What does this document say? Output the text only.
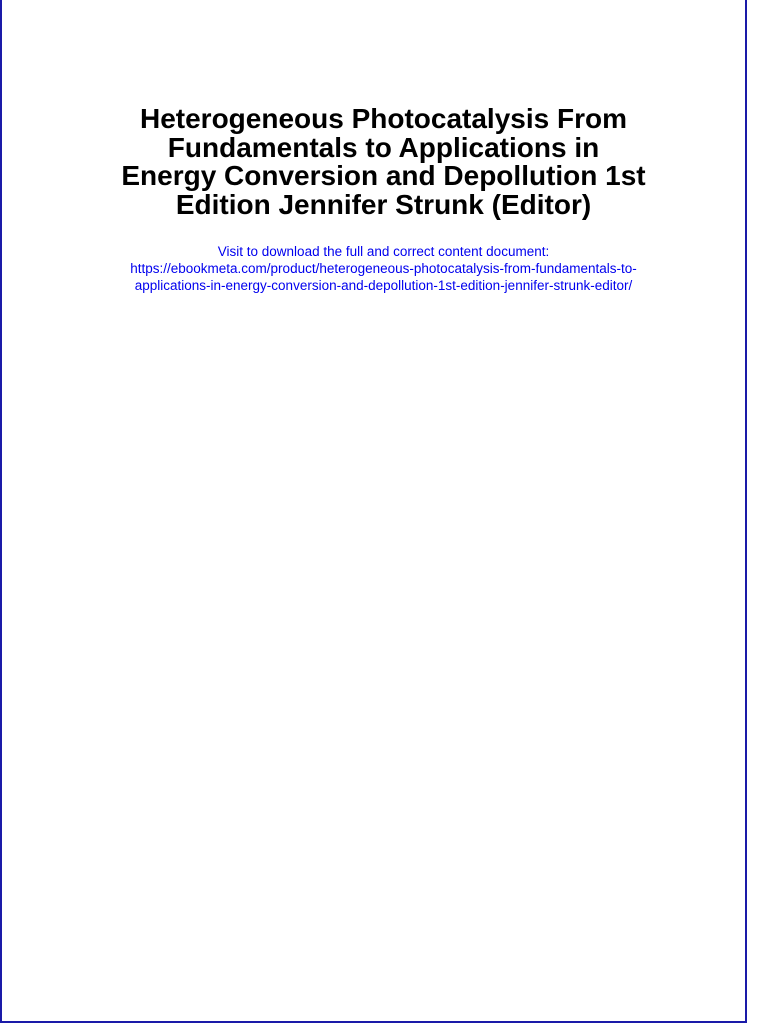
Heterogeneous Photocatalysis From
Fundamentals to Applications in
Energy Conversion and Depollution 1st
Edition Jennifer Strunk (Editor)
Visit to download the full and correct content document:
https://ebookmeta.com/product/heterogeneous-photocatalysis-from-fundamentals-to-
applications-in-energy-conversion-and-depollution-1st-edition-jennifer-strunk-editor/
